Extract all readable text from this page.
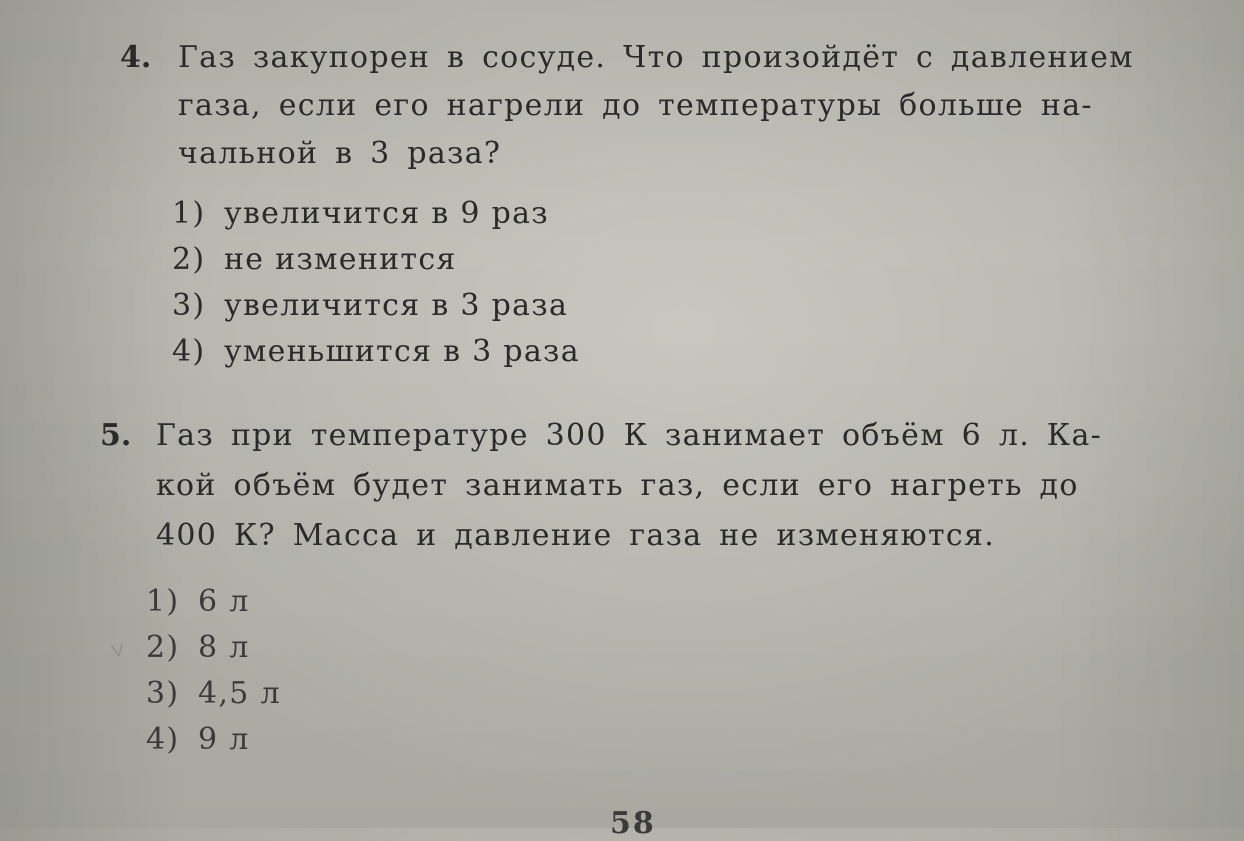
4. Газ закупорен в сосуде. Что произойдёт с давлением
газа, если его нагрели до температуры больше на-
чальной в 3 раза?
1) увеличится в 9 раз
2) не изменится
3) увеличится в 3 раза
4) уменьшится в 3 раза
5. Газ при температуре 300 К занимает объём 6 л. Ка-
кой объём будет занимать газ, если его нагреть до
400 К? Масса и давление газа не изменяются.
1) 6 л
2) 8 л
3) 4,5 л
4) 9 л
58
